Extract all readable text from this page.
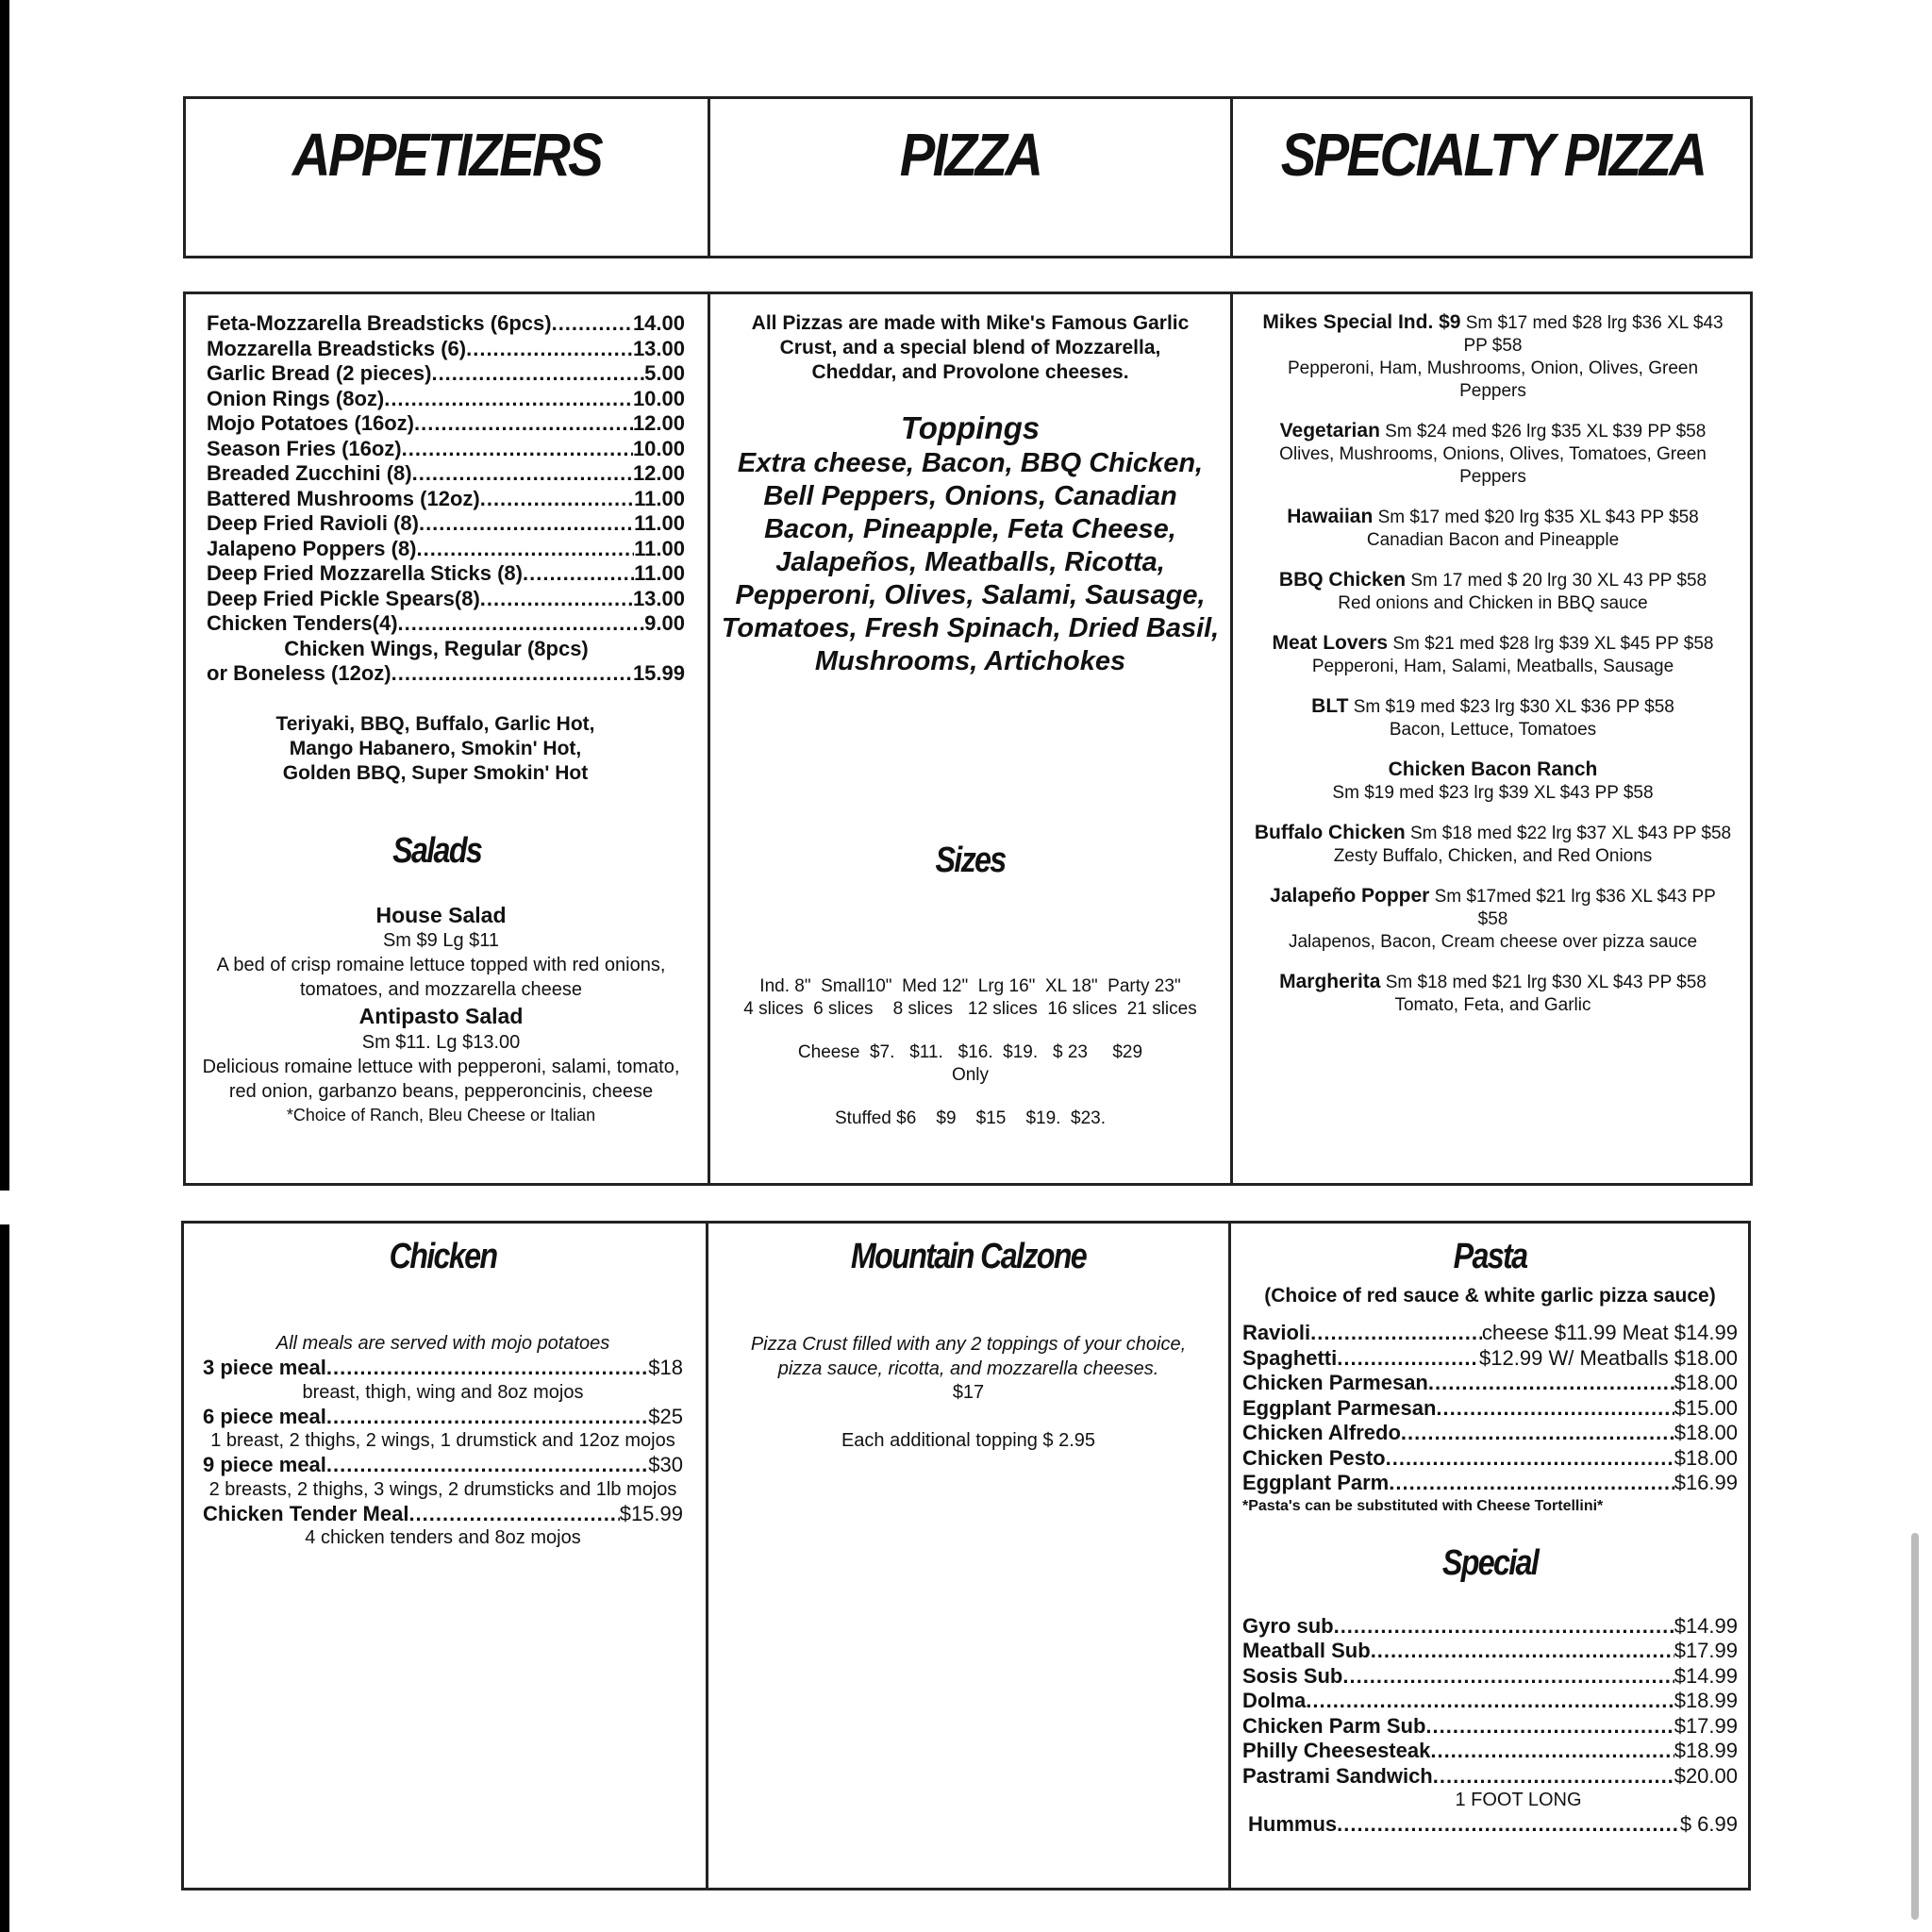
APPETIZERS	PIZZA	SPECIALTY PIZZA
Feta-Mozzarella Breadsticks (6pcs) .....	14.00
Mozzarella Breadsticks (6) .....	13.00
Garlic Bread (2 pieces) .....	5.00
Onion Rings (8oz) .....	10.00
Mojo Potatoes (16oz) .....	12.00
Season Fries (16oz) .....	10.00
Breaded Zucchini (8) .....	12.00
Battered Mushrooms (12oz) .....	11.00
Deep Fried Ravioli (8) .....	11.00
Jalapeno Poppers (8) .....	11.00
Deep Fried Mozzarella Sticks (8) .....	11.00
Deep Fried Pickle Spears(8) .....	13.00
Chicken Tenders(4) .....	9.00
Chicken Wings, Regular (8pcs)
or Boneless (12oz) .....	15.99
Teriyaki, BBQ, Buffalo, Garlic Hot,
Mango Habanero, Smokin' Hot,
Golden BBQ, Super Smokin' Hot
Salads
House Salad
Sm $9 Lg $11
A bed of crisp romaine lettuce topped with red onions, tomatoes, and mozzarella cheese
Antipasto Salad
Sm $11. Lg $13.00
Delicious romaine lettuce with pepperoni, salami, tomato, red onion, garbanzo beans, pepperoncinis, cheese
*Choice of Ranch, Bleu Cheese or Italian
All Pizzas are made with Mike's Famous Garlic Crust, and a special blend of Mozzarella, Cheddar, and Provolone cheeses.
Toppings
Extra cheese, Bacon, BBQ Chicken, Bell Peppers, Onions, Canadian Bacon, Pineapple, Feta Cheese, Jalapeños, Meatballs, Ricotta, Pepperoni, Olives, Salami, Sausage, Tomatoes, Fresh Spinach, Dried Basil, Mushrooms, Artichokes
Sizes
Ind. 8"  Small10"  Med 12"  Lrg 16"  XL 18"  Party 23"
4 slices  6 slices    8 slices   12 slices  16 slices  21 slices
Cheese  $7.   $11.   $16.  $19.   $ 23     $29
Only
Stuffed $6    $9    $15    $19.  $23.
Mikes Special Ind. $9 Sm $17 med $28 lrg $36 XL $43 PP $58
Pepperoni, Ham, Mushrooms, Onion, Olives, Green Peppers
Vegetarian Sm $24 med $26 lrg $35 XL $39 PP $58
Olives, Mushrooms, Onions, Olives, Tomatoes, Green Peppers
Hawaiian Sm $17 med $20 lrg $35 XL $43 PP $58
Canadian Bacon and Pineapple
BBQ Chicken Sm 17 med $ 20 lrg 30 XL 43 PP $58
Red onions and Chicken in BBQ sauce
Meat Lovers Sm $21 med $28 lrg $39 XL $45 PP $58
Pepperoni, Ham, Salami, Meatballs, Sausage
BLT Sm $19 med $23 lrg $30 XL $36 PP $58
Bacon, Lettuce, Tomatoes
Chicken Bacon Ranch
Sm $19 med $23 lrg $39 XL $43 PP $58
Buffalo Chicken Sm $18 med $22 lrg $37 XL $43 PP $58
Zesty Buffalo, Chicken, and Red Onions
Jalapeño Popper Sm $17med $21 lrg $36 XL $43 PP $58
Jalapenos, Bacon, Cream cheese over pizza sauce
Margherita Sm $18 med $21 lrg $30 XL $43 PP $58
Tomato, Feta, and Garlic
Chicken
All meals are served with mojo potatoes
3 piece meal .....	$18
breast, thigh, wing and 8oz mojos
6 piece meal .....	$25
1 breast, 2 thighs, 2 wings, 1 drumstick and 12oz mojos
9 piece meal .....	$30
2 breasts, 2 thighs, 3 wings, 2 drumsticks and 1lb mojos
Chicken Tender Meal .....	$15.99
4 chicken tenders and 8oz mojos
Mountain Calzone
Pizza Crust filled with any 2 toppings of your choice, pizza sauce, ricotta, and mozzarella cheeses.
$17
Each additional topping $ 2.95
Pasta
(Choice of red sauce & white garlic pizza sauce)
Ravioli .....	cheese $11.99 Meat $14.99
Spaghetti .....	$12.99 W/ Meatballs $18.00
Chicken Parmesan .....	$18.00
Eggplant Parmesan .....	$15.00
Chicken Alfredo .....	$18.00
Chicken Pesto .....	$18.00
Eggplant Parm .....	$16.99
*Pasta's can be substituted with Cheese Tortellini*
Special
Gyro sub .....	$14.99
Meatball Sub .....	$17.99
Sosis Sub .....	$14.99
Dolma .....	$18.99
Chicken Parm Sub .....	$17.99
Philly Cheesesteak .....	$18.99
Pastrami Sandwich .....	$20.00
1 FOOT LONG
Hummus .....	$ 6.99
